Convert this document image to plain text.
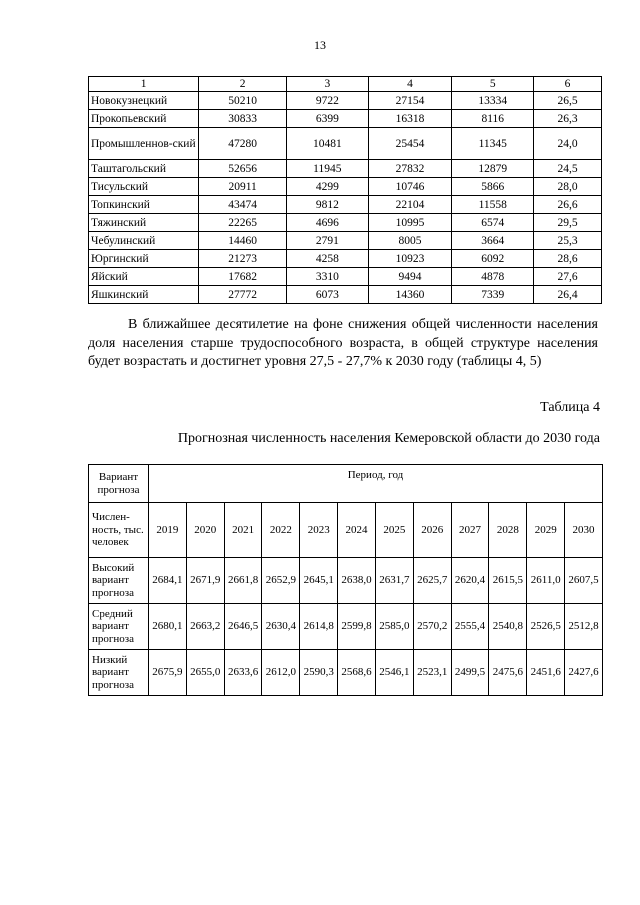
13
1	2	3	4	5	6
Новокузнецкий	50210	9722	27154	13334	26,5
Прокопьевский	30833	6399	16318	8116	26,3
Промышленнов-ский	47280	10481	25454	11345	24,0
Таштагольский	52656	11945	27832	12879	24,5
Тисульский	20911	4299	10746	5866	28,0
Топкинский	43474	9812	22104	11558	26,6
Тяжинский	22265	4696	10995	6574	29,5
Чебулинский	14460	2791	8005	3664	25,3
Юргинский	21273	4258	10923	6092	28,6
Яйский	17682	3310	9494	4878	27,6
Яшкинский	27772	6073	14360	7339	26,4

В ближайшее десятилетие на фоне снижения общей численности населения доля населения старше трудоспособного возраста, в общей структуре населения будет возрастать и достигнет уровня 27,5 - 27,7% к 2030 году (таблицы 4, 5)

Таблица 4
Прогнозная численность населения Кемеровской области до 2030 года
Вариант прогноза	Период, год											
Числен-ность, тыс. человек	2019	2020	2021	2022	2023	2024	2025	2026	2027	2028	2029	2030
Высокий вариант прогноза	2684,1	2671,9	2661,8	2652,9	2645,1	2638,0	2631,7	2625,7	2620,4	2615,5	2611,0	2607,5
Средний вариант прогноза	2680,1	2663,2	2646,5	2630,4	2614,8	2599,8	2585,0	2570,2	2555,4	2540,8	2526,5	2512,8
Низкий вариант прогноза	2675,9	2655,0	2633,6	2612,0	2590,3	2568,6	2546,1	2523,1	2499,5	2475,6	2451,6	2427,6
